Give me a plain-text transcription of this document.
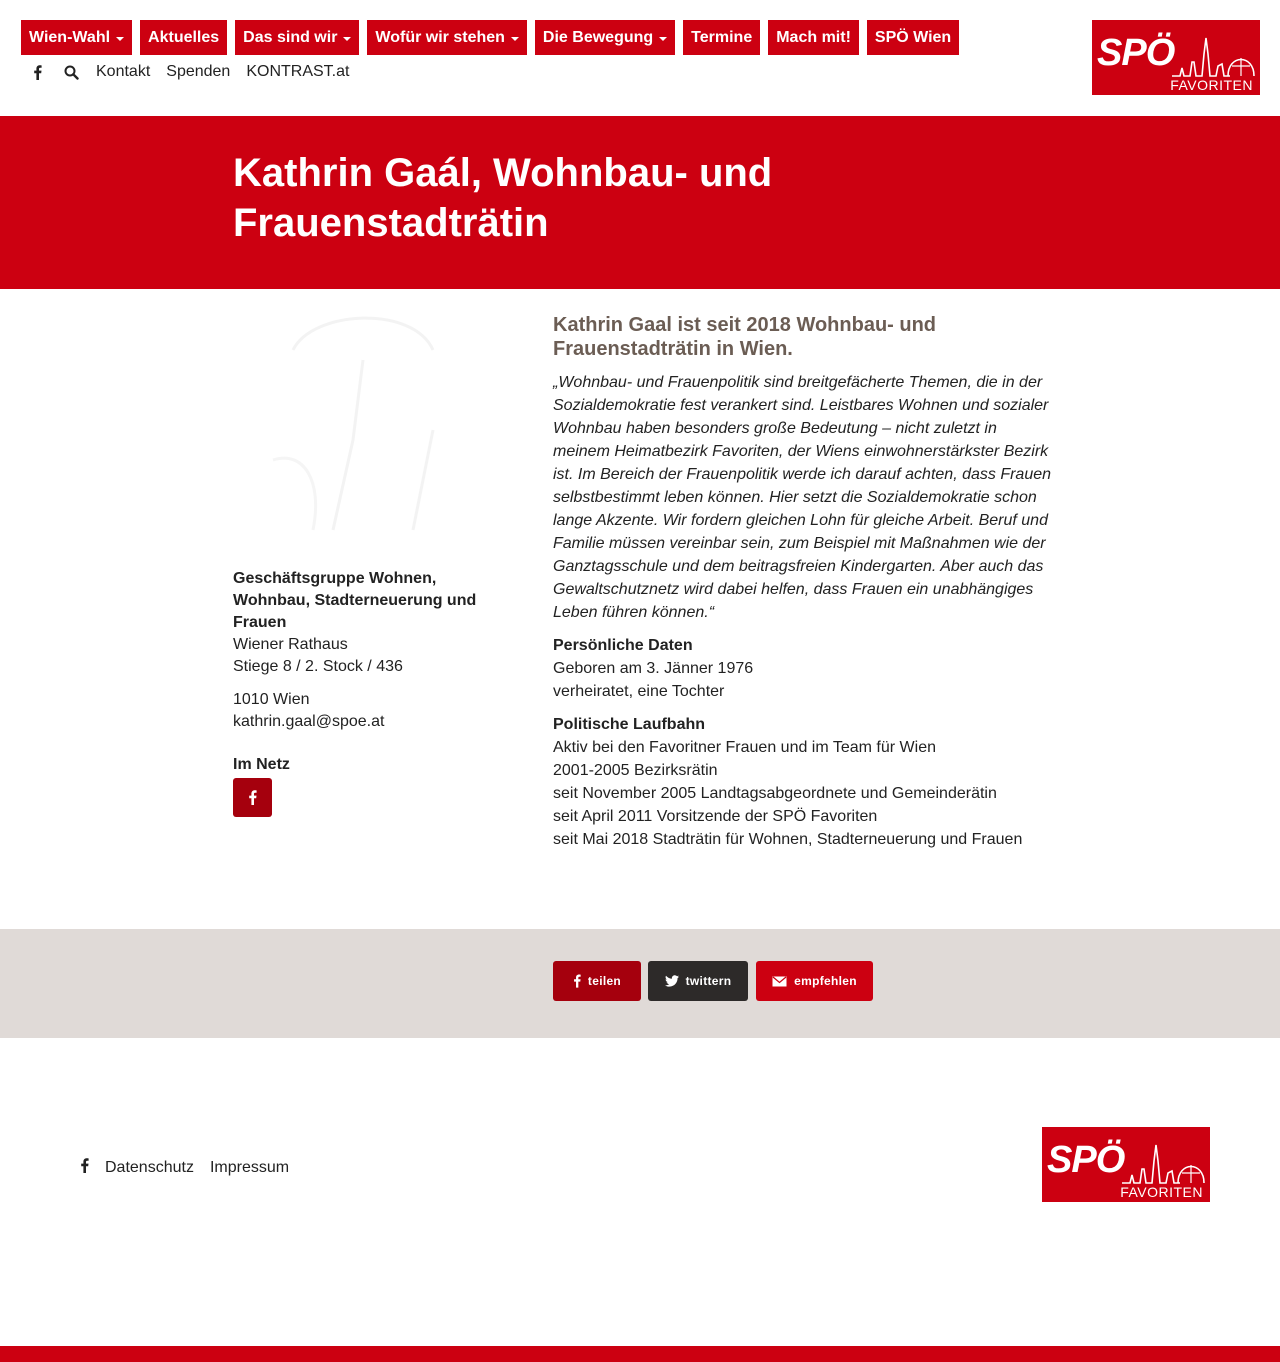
Wien-Wahl Aktuelles Das sind wir Wofür wir stehen Die Bewegung Termine Mach mit! SPÖ Wien
Kontakt Spenden KONTRAST.at	SPÖ
FAVORITEN
Kathrin Gaál, Wohnbau- und Frauenstadträtin
Geschäftsgruppe Wohnen, Wohnbau, Stadterneuerung und Frauen
Wiener Rathaus
Stiege 8 / 2. Stock / 436
1010 Wien
kathrin.gaal@spoe.at
Im Netz
Kathrin Gaal ist seit 2018 Wohnbau- und Frauenstadträtin in Wien.

„Wohnbau- und Frauenpolitik sind breitgefächerte Themen, die in der Sozialdemokratie fest verankert sind. Leistbares Wohnen und sozialer Wohnbau haben besonders große Bedeutung – nicht zuletzt in meinem Heimatbezirk Favoriten, der Wiens einwohnerstärkster Bezirk ist. Im Bereich der Frauenpolitik werde ich darauf achten, dass Frauen selbstbestimmt leben können. Hier setzt die Sozialdemokratie schon lange Akzente. Wir fordern gleichen Lohn für gleiche Arbeit. Beruf und Familie müssen vereinbar sein, zum Beispiel mit Maßnahmen wie der Ganztagsschule und dem beitragsfreien Kindergarten. Aber auch das Gewaltschutznetz wird dabei helfen, dass Frauen ein unabhängiges Leben führen können.“

Persönliche Daten
Geboren am 3. Jänner 1976
verheiratet, eine Tochter
Politische Laufbahn
Aktiv bei den Favoritner Frauen und im Team für Wien
2001-2005 Bezirksrätin
seit November 2005 Landtagsabgeordnete und Gemeinderätin
seit April 2011 Vorsitzende der SPÖ Favoriten
seit Mai 2018 Stadträtin für Wohnen, Stadterneuerung und Frauen
teilen	twittern	empfehlen
Datenschutz Impressum	SPÖ
FAVORITEN
